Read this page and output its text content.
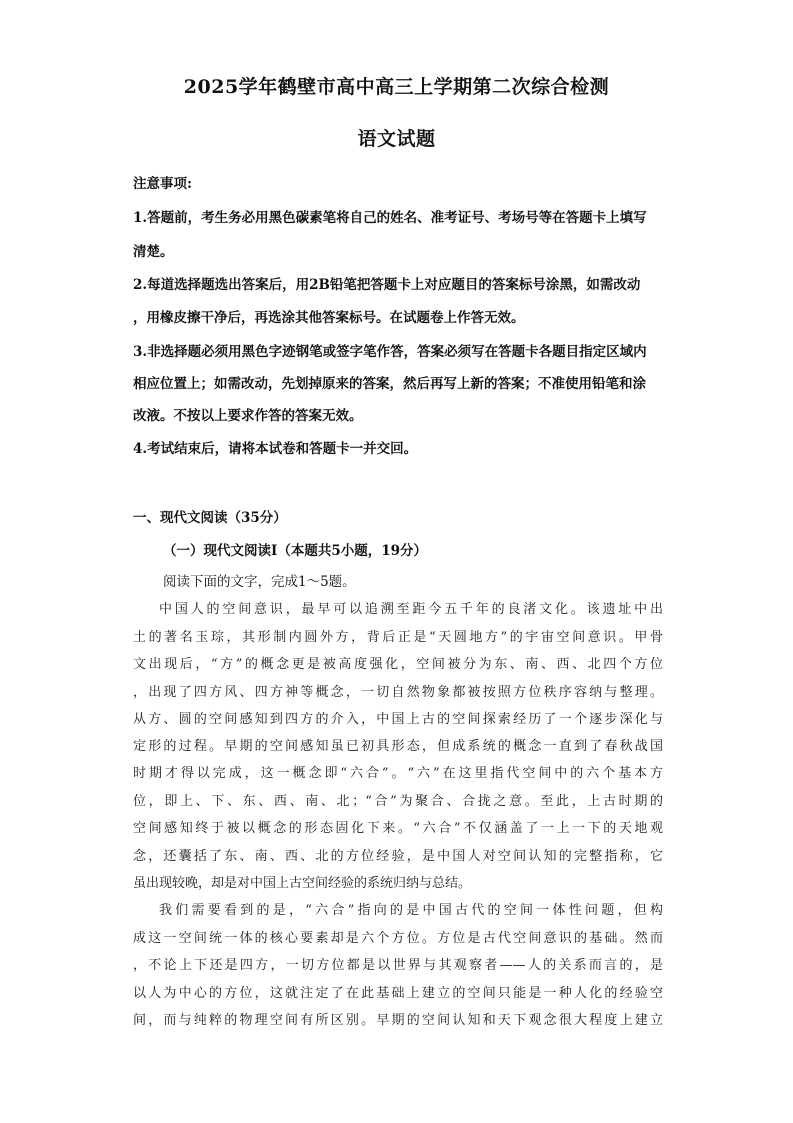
2025学年鹤壁市高中高三上学期第二次综合检测
语文试题
注意事项:
1.答题前，考生务必用黑色碳素笔将自己的姓名、准考证号、考场号等在答题卡上填写
清楚。
2.每道选择题选出答案后，用2B铅笔把答题卡上对应题目的答案标号涂黑，如需改动
，用橡皮擦干净后，再选涂其他答案标号。在试题卷上作答无效。
3.非选择题必须用黑色字迹钢笔或签字笔作答，答案必须写在答题卡各题目指定区域内
相应位置上；如需改动，先划掉原来的答案，然后再写上新的答案；不准使用铅笔和涂
改液。不按以上要求作答的答案无效。
4.考试结束后，请将本试卷和答题卡一并交回。
一、现代文阅读（35分）
（一）现代文阅读Ⅰ（本题共5小题，19分）
阅读下面的文字，完成1～5题。
中国人的空间意识，最早可以追溯至距今五千年的良渚文化。该遗址中出
土的著名玉琮，其形制内圆外方，背后正是“天圆地方”的宇宙空间意识。甲骨
文出现后，“方”的概念更是被高度强化，空间被分为东、南、西、北四个方位
，出现了四方风、四方神等概念，一切自然物象都被按照方位秩序容纳与整理。
从方、圆的空间感知到四方的介入，中国上古的空间探索经历了一个逐步深化与
定形的过程。早期的空间感知虽已初具形态，但成系统的概念一直到了春秋战国
时期才得以完成，这一概念即“六合”。“六”在这里指代空间中的六个基本方
位，即上、下、东、西、南、北；“合”为聚合、合拢之意。至此，上古时期的
空间感知终于被以概念的形态固化下来。“六合”不仅涵盖了一上一下的天地观
念，还囊括了东、南、西、北的方位经验，是中国人对空间认知的完整指称，它
虽出现较晚，却是对中国上古空间经验的系统归纳与总结。
我们需要看到的是，“六合”指向的是中国古代的空间一体性问题，但构
成这一空间统一体的核心要素却是六个方位。方位是古代空间意识的基础。然而
，不论上下还是四方，一切方位都是以世界与其观察者——人的关系而言的，是
以人为中心的方位，这就注定了在此基础上建立的空间只能是一种人化的经验空
间，而与纯粹的物理空间有所区别。早期的空间认知和天下观念很大程度上建立
